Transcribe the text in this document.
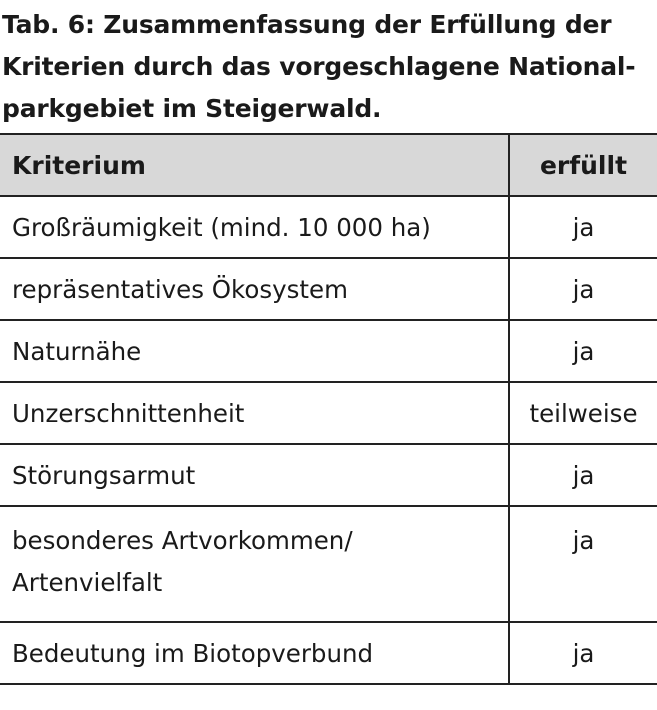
Tab. 6: Zusammenfassung der Erfüllung der
Kriterien durch das vorgeschlagene National-
parkgebiet im Steigerwald.
Kriterium	erfüllt
Großräumigkeit (mind. 10 000 ha)	ja
repräsentatives Ökosystem	ja
Naturnähe	ja
Unzerschnittenheit	teilweise
Störungsarmut	ja
besonderes Artvorkommen/
Artenvielfalt	ja
Bedeutung im Biotopverbund	ja
